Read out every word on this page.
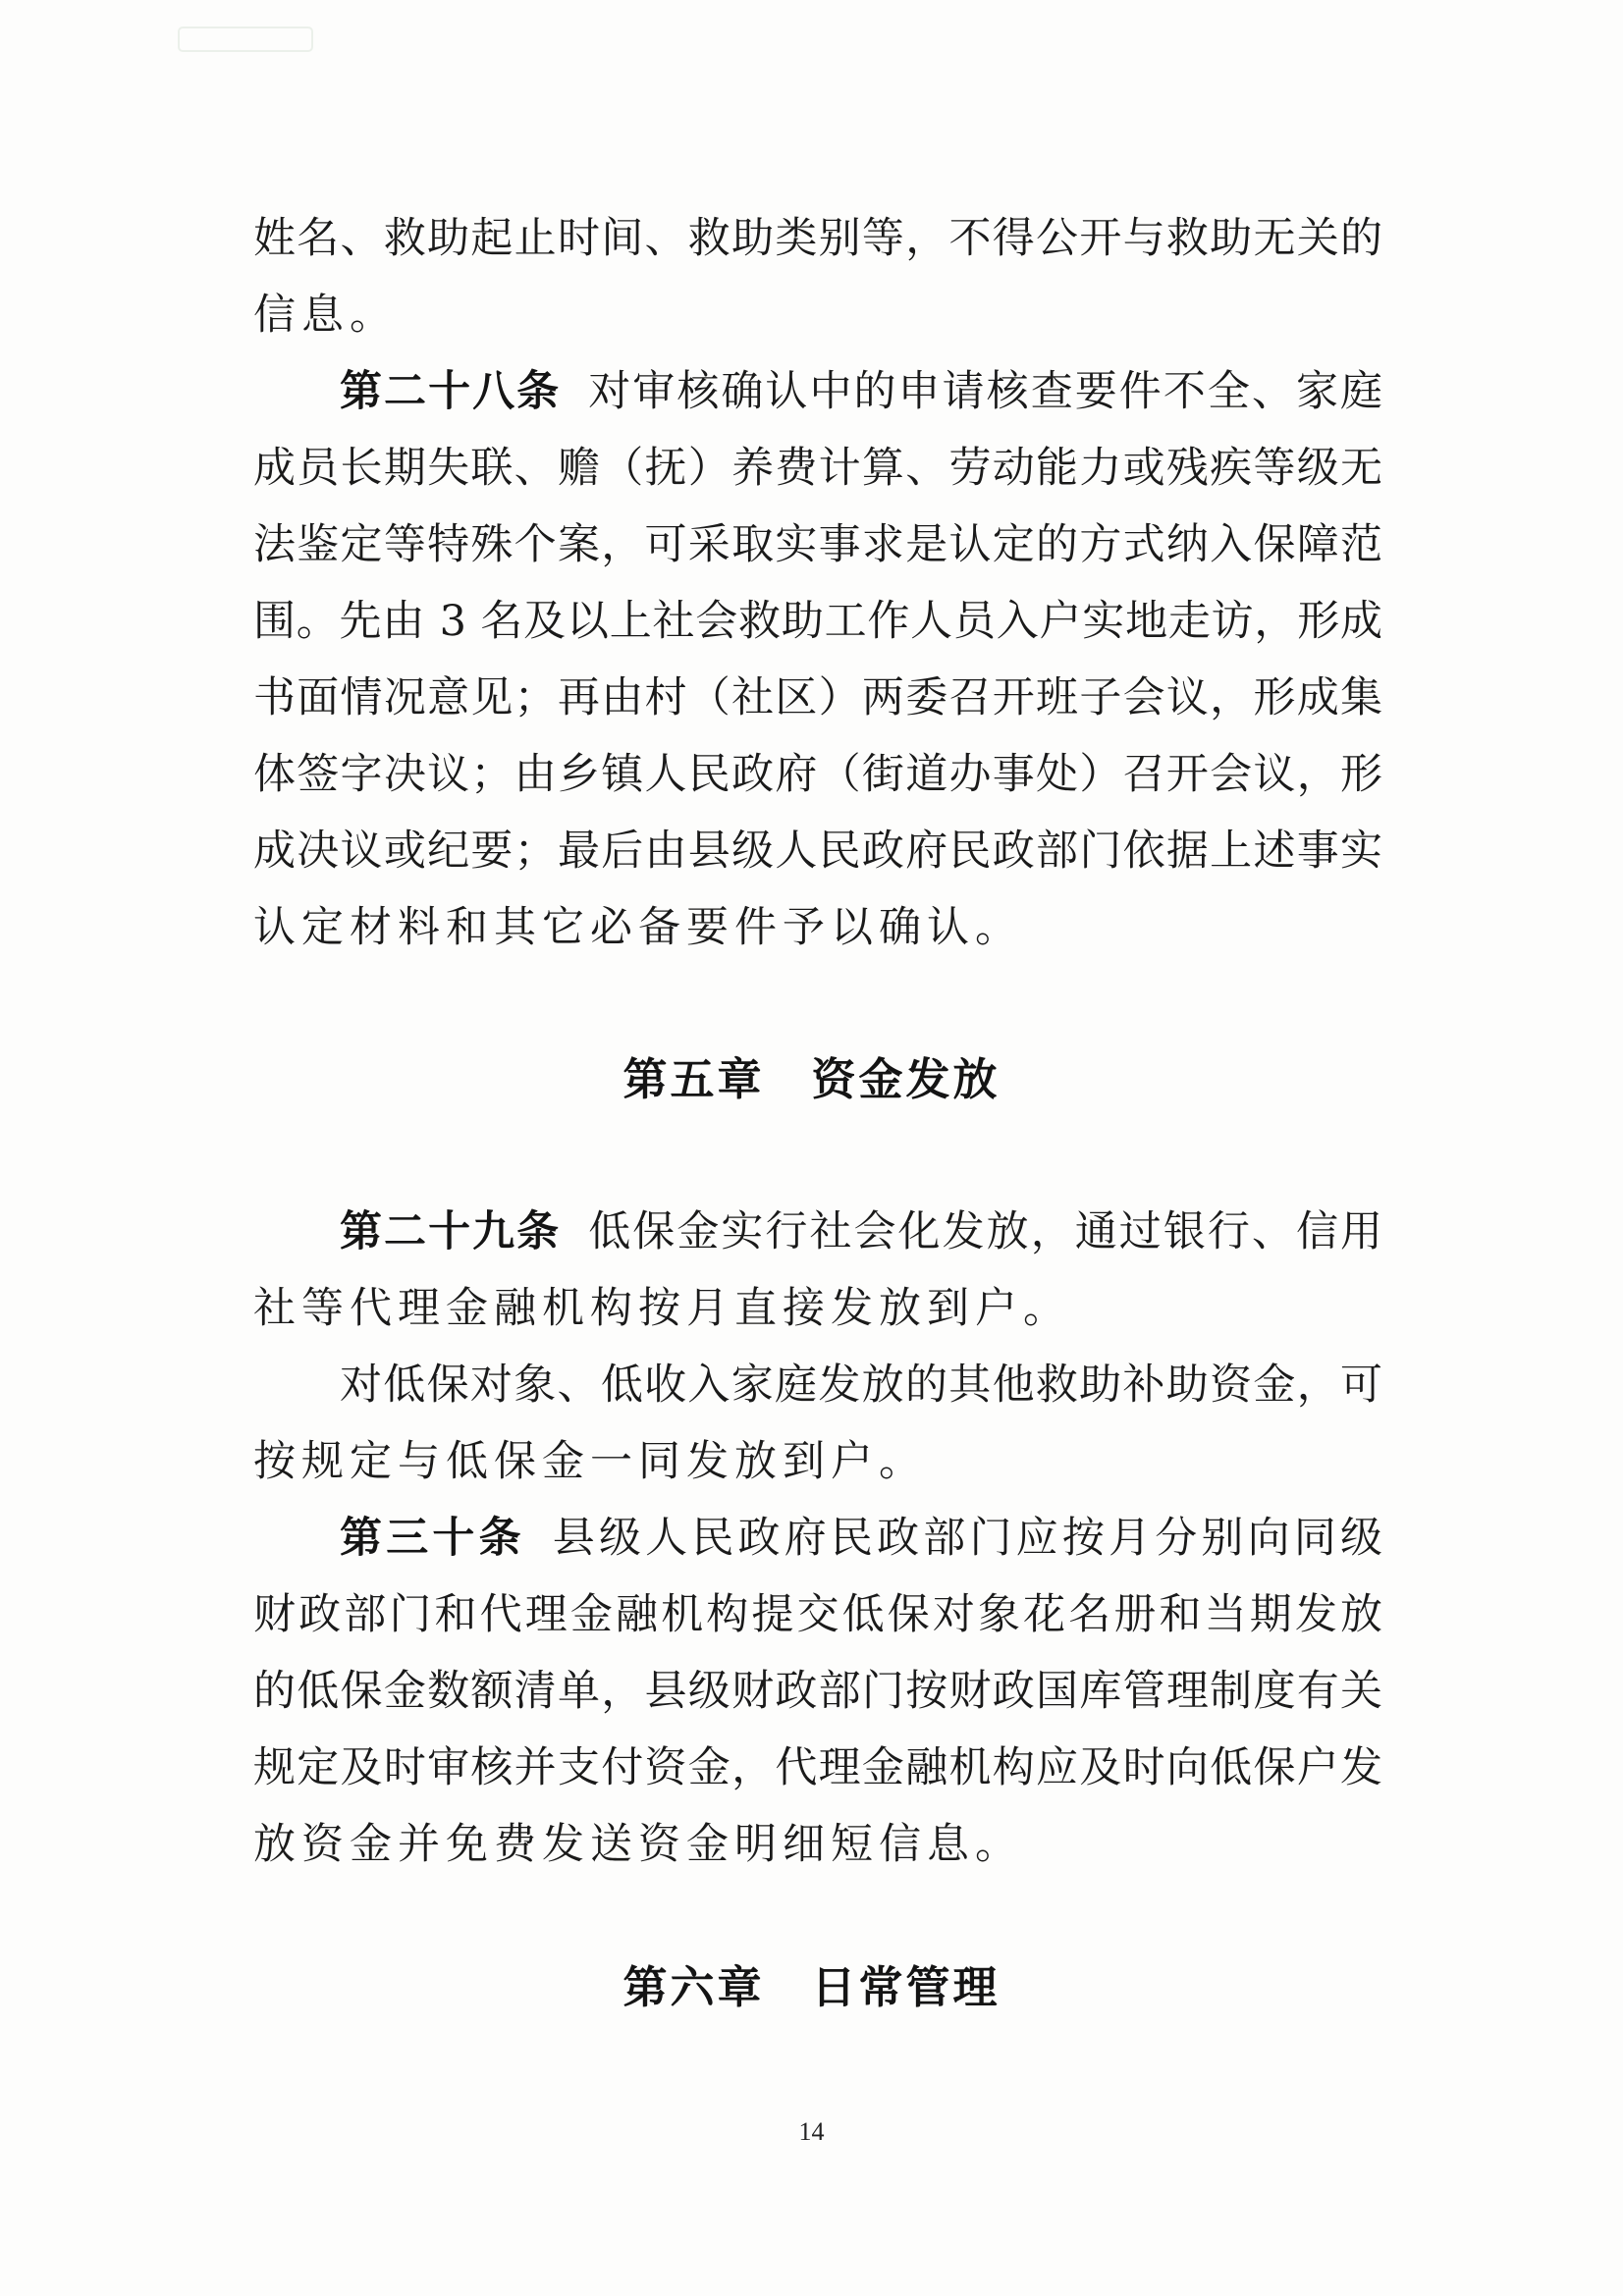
姓名、救助起止时间、救助类别等，不得公开与救助无关的
信息。
第二十八条 对审核确认中的申请核查要件不全、家庭
成员长期失联、赡（抚）养费计算、劳动能力或残疾等级无
法鉴定等特殊个案，可采取实事求是认定的方式纳入保障范
围。先由 3 名及以上社会救助工作人员入户实地走访，形成
书面情况意见；再由村（社区）两委召开班子会议，形成集
体签字决议；由乡镇人民政府（街道办事处）召开会议，形
成决议或纪要；最后由县级人民政府民政部门依据上述事实
认定材料和其它必备要件予以确认。
第五章 资金发放
第二十九条 低保金实行社会化发放，通过银行、信用
社等代理金融机构按月直接发放到户。
对低保对象、低收入家庭发放的其他救助补助资金，可
按规定与低保金一同发放到户。
第三十条 县级人民政府民政部门应按月分别向同级
财政部门和代理金融机构提交低保对象花名册和当期发放
的低保金数额清单，县级财政部门按财政国库管理制度有关
规定及时审核并支付资金，代理金融机构应及时向低保户发
放资金并免费发送资金明细短信息。
第六章 日常管理
14
